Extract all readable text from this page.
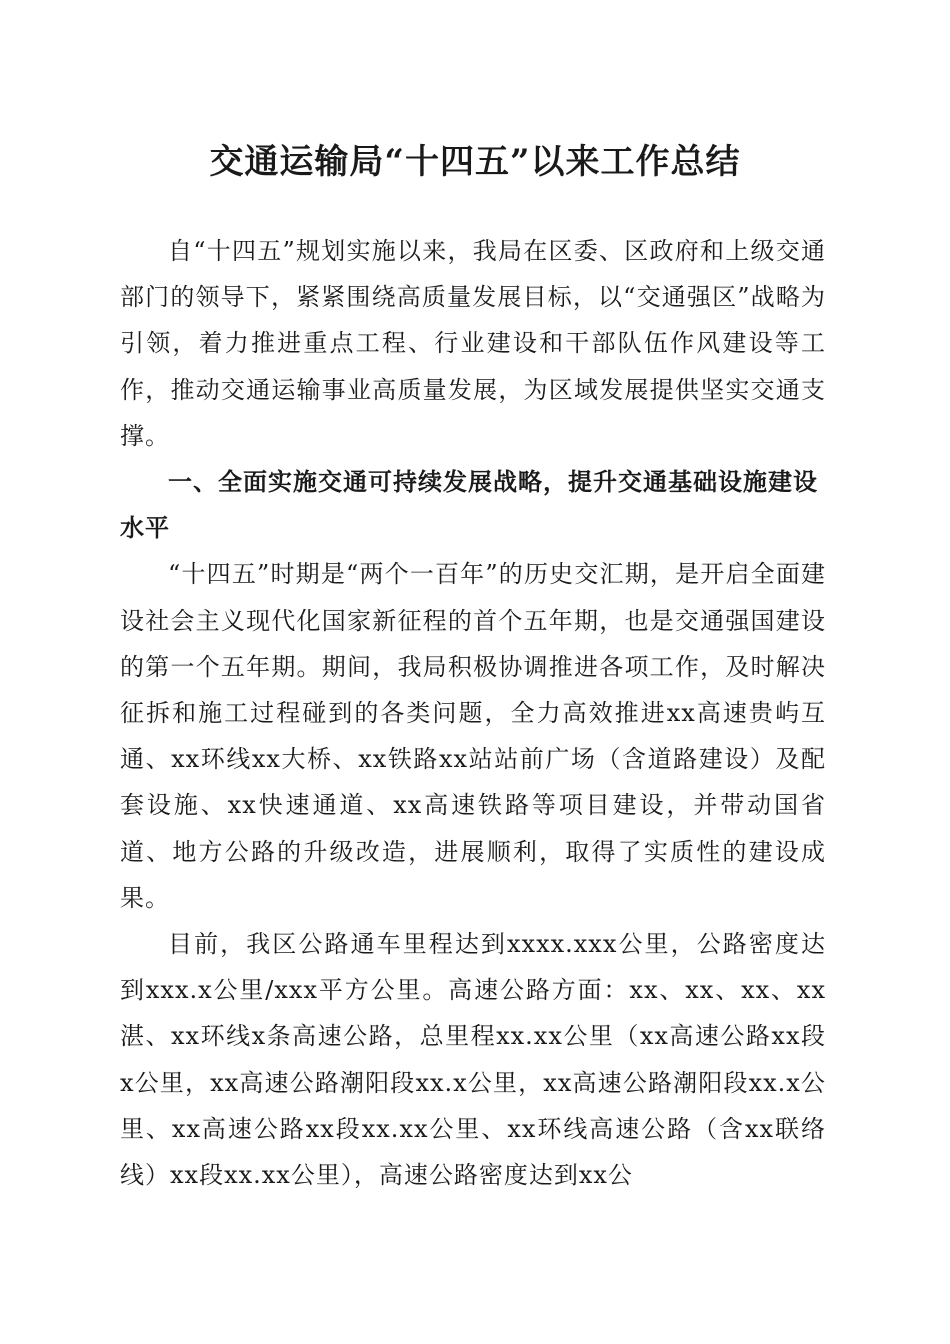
交通运输局“十四五”以来工作总结

自“十四五”规划实施以来，我局在区委、区政府和上级交通部门的领导下，紧紧围绕高质量发展目标，以“交通强区”战略为引领，着力推进重点工程、行业建设和干部队伍作风建设等工作，推动交通运输事业高质量发展，为区域发展提供坚实交通支撑。

一、全面实施交通可持续发展战略，提升交通基础设施建设水平

“十四五”时期是“两个一百年”的历史交汇期，是开启全面建设社会主义现代化国家新征程的首个五年期，也是交通强国建设的第一个五年期。期间，我局积极协调推进各项工作，及时解决征拆和施工过程碰到的各类问题，全力高效推进xx高速贵屿互通、xx环线xx大桥、xx铁路xx站站前广场（含道路建设）及配套设施、xx快速通道、xx高速铁路等项目建设，并带动国省道、地方公路的升级改造，进展顺利，取得了实质性的建设成果。

目前，我区公路通车里程达到xxxx.xxx公里，公路密度达到xxx.x公里/xxx平方公里。高速公路方面：xx、xx、xx、xx湛、xx环线x条高速公路，总里程xx.xx公里（xx高速公路xx段x公里，xx高速公路潮阳段xx.x公里，xx高速公路潮阳段xx.x公里、xx高速公路xx段xx.xx公里、xx环线高速公路（含xx联络线）xx段xx.xx公里），高速公路密度达到xx公
